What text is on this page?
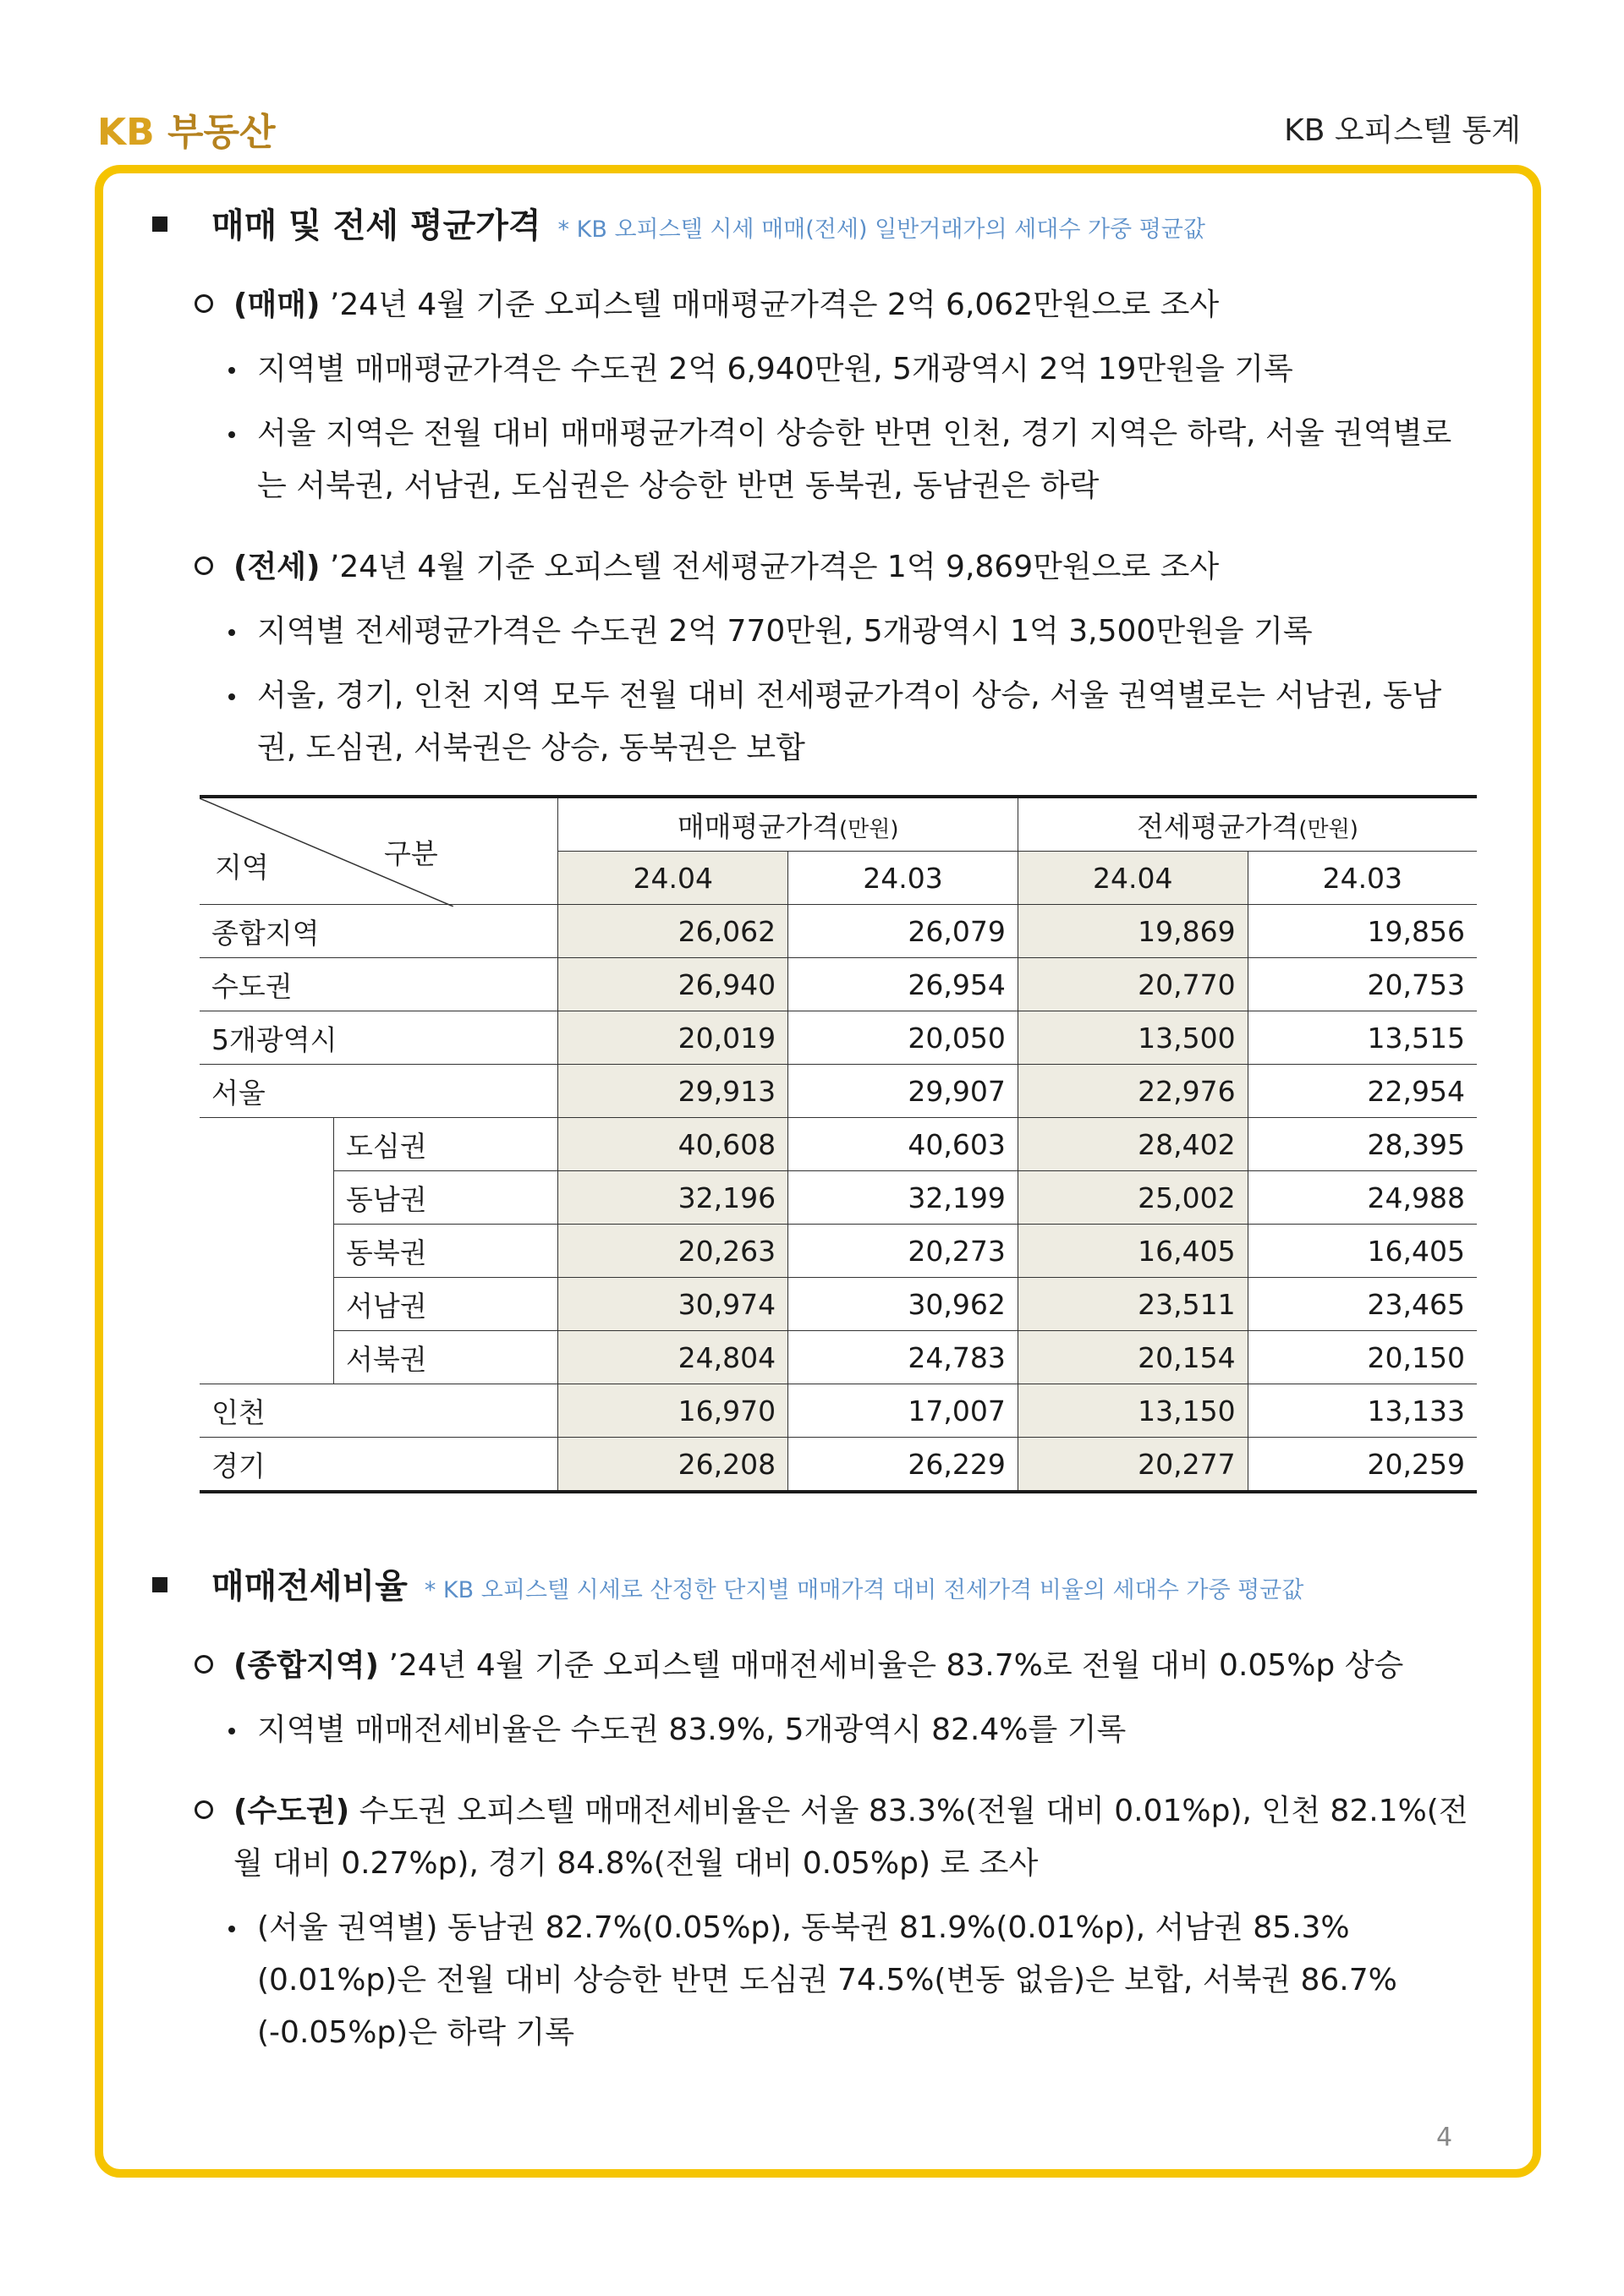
KB 부동산	KB 오피스텔 통계
매매 및 전세 평균가격 * KB 오피스텔 시세 매매(전세) 일반거래가의 세대수 가중 평균값
(매매) ’24년 4월 기준 오피스텔 매매평균가격은 2억 6,062만원으로 조사
지역별 매매평균가격은 수도권 2억 6,940만원, 5개광역시 2억 19만원을 기록
서울 지역은 전월 대비 매매평균가격이 상승한 반면 인천, 경기 지역은 하락, 서울 권역별로는 서북권, 서남권, 도심권은 상승한 반면 동북권, 동남권은 하락
(전세) ’24년 4월 기준 오피스텔 전세평균가격은 1억 9,869만원으로 조사
지역별 전세평균가격은 수도권 2억 770만원, 5개광역시 1억 3,500만원을 기록
서울, 경기, 인천 지역 모두 전월 대비 전세평균가격이 상승, 서울 권역별로는 서남권, 동남권, 도심권, 서북권은 상승, 동북권은 보합
지역 구분		매매평균가격(만원)		전세평균가격(만원)	
		24.04	24.03	24.04	24.03
종합지역		26,062	26,079	19,869	19,856
수도권		26,940	26,954	20,770	20,753
5개광역시		20,019	20,050	13,500	13,515
서울		29,913	29,907	22,976	22,954
	도심권	40,608	40,603	28,402	28,395
	동남권	32,196	32,199	25,002	24,988
	동북권	20,263	20,273	16,405	16,405
	서남권	30,974	30,962	23,511	23,465
	서북권	24,804	24,783	20,154	20,150
인천		16,970	17,007	13,150	13,133
경기		26,208	26,229	20,277	20,259
매매전세비율 * KB 오피스텔 시세로 산정한 단지별 매매가격 대비 전세가격 비율의 세대수 가중 평균값
(종합지역) ’24년 4월 기준 오피스텔 매매전세비율은 83.7%로 전월 대비 0.05%p 상승
지역별 매매전세비율은 수도권 83.9%, 5개광역시 82.4%를 기록
(수도권) 수도권 오피스텔 매매전세비율은 서울 83.3%(전월 대비 0.01%p), 인천 82.1%(전월 대비 0.27%p), 경기 84.8%(전월 대비 0.05%p) 로 조사
(서울 권역별) 동남권 82.7%(0.05%p), 동북권 81.9%(0.01%p), 서남권 85.3%(0.01%p)은 전월 대비 상승한 반면 도심권 74.5%(변동 없음)은 보합, 서북권 86.7%(-0.05%p)은 하락 기록
4
